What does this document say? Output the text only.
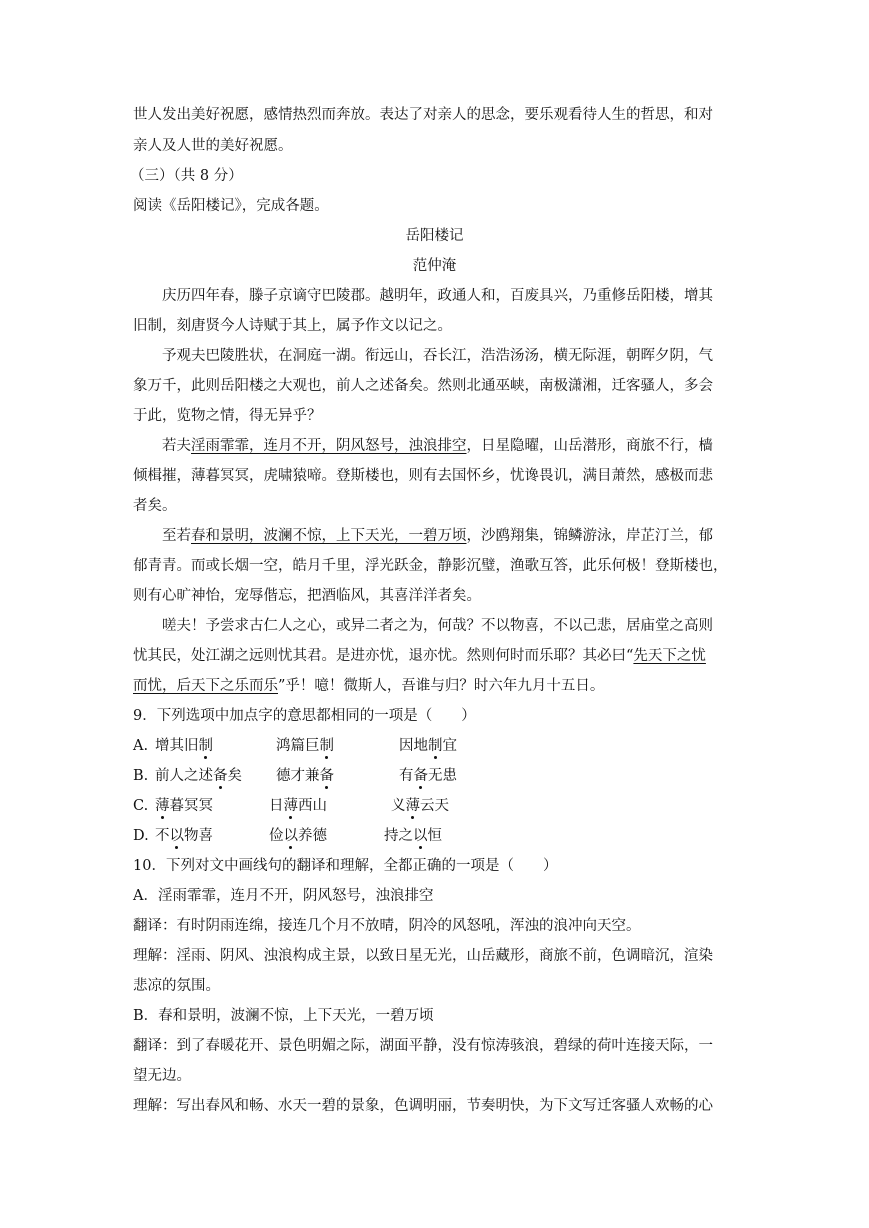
世人发出美好祝愿，感情热烈而奔放。表达了对亲人的思念，要乐观看待人生的哲思，和对
亲人及人世的美好祝愿。
（三）（共 8 分）
阅读《岳阳楼记》，完成各题。
岳阳楼记
范仲淹
庆历四年春，滕子京谪守巴陵郡。越明年，政通人和，百废具兴，乃重修岳阳楼，增其
旧制，刻唐贤今人诗赋于其上，属予作文以记之。
予观夫巴陵胜状，在洞庭一湖。衔远山，吞长江，浩浩汤汤，横无际涯，朝晖夕阴，气
象万千，此则岳阳楼之大观也，前人之述备矣。然则北通巫峡，南极潇湘，迁客骚人，多会
于此，览物之情，得无异乎？
若夫淫雨霏霏，连月不开，阴风怒号，浊浪排空，日星隐曜，山岳潜形，商旅不行，樯
倾楫摧，薄暮冥冥，虎啸猿啼。登斯楼也，则有去国怀乡，忧谗畏讥，满目萧然，感极而悲
者矣。
至若春和景明，波澜不惊，上下天光，一碧万顷，沙鸥翔集，锦鳞游泳，岸芷汀兰，郁
郁青青。而或长烟一空，皓月千里，浮光跃金，静影沉璧，渔歌互答，此乐何极！登斯楼也，
则有心旷神怡，宠辱偕忘，把酒临风，其喜洋洋者矣。
嗟夫！予尝求古仁人之心，或异二者之为，何哉？不以物喜，不以己悲，居庙堂之高则
忧其民，处江湖之远则忧其君。是进亦忧，退亦忧。然则何时而乐耶？其必曰“先天下之忧
而忧，后天下之乐而乐”乎！噫！微斯人，吾谁与归？时六年九月十五日。
9．下列选项中加点字的意思都相同的一项是（　　）
A. 增其旧制	鸿篇巨制	因地制宜
B. 前人之述备矣 德才兼备	有备无患
C. 薄暮冥冥	日薄西山	义薄云天
D. 不以物喜	俭以养德	持之以恒
10．下列对文中画线句的翻译和理解，全都正确的一项是（　　）
A．淫雨霏霏，连月不开，阴风怒号，浊浪排空
翻译：有时阴雨连绵，接连几个月不放晴，阴冷的风怒吼，浑浊的浪冲向天空。
理解：淫雨、阴风、浊浪构成主景，以致日星无光，山岳藏形，商旅不前，色调暗沉，渲染
悲凉的氛围。
B．春和景明，波澜不惊，上下天光，一碧万顷
翻译：到了春暖花开、景色明媚之际，湖面平静，没有惊涛骇浪，碧绿的荷叶连接天际，一
望无边。
理解：写出春风和畅、水天一碧的景象，色调明丽，节奏明快，为下文写迁客骚人欢畅的心
